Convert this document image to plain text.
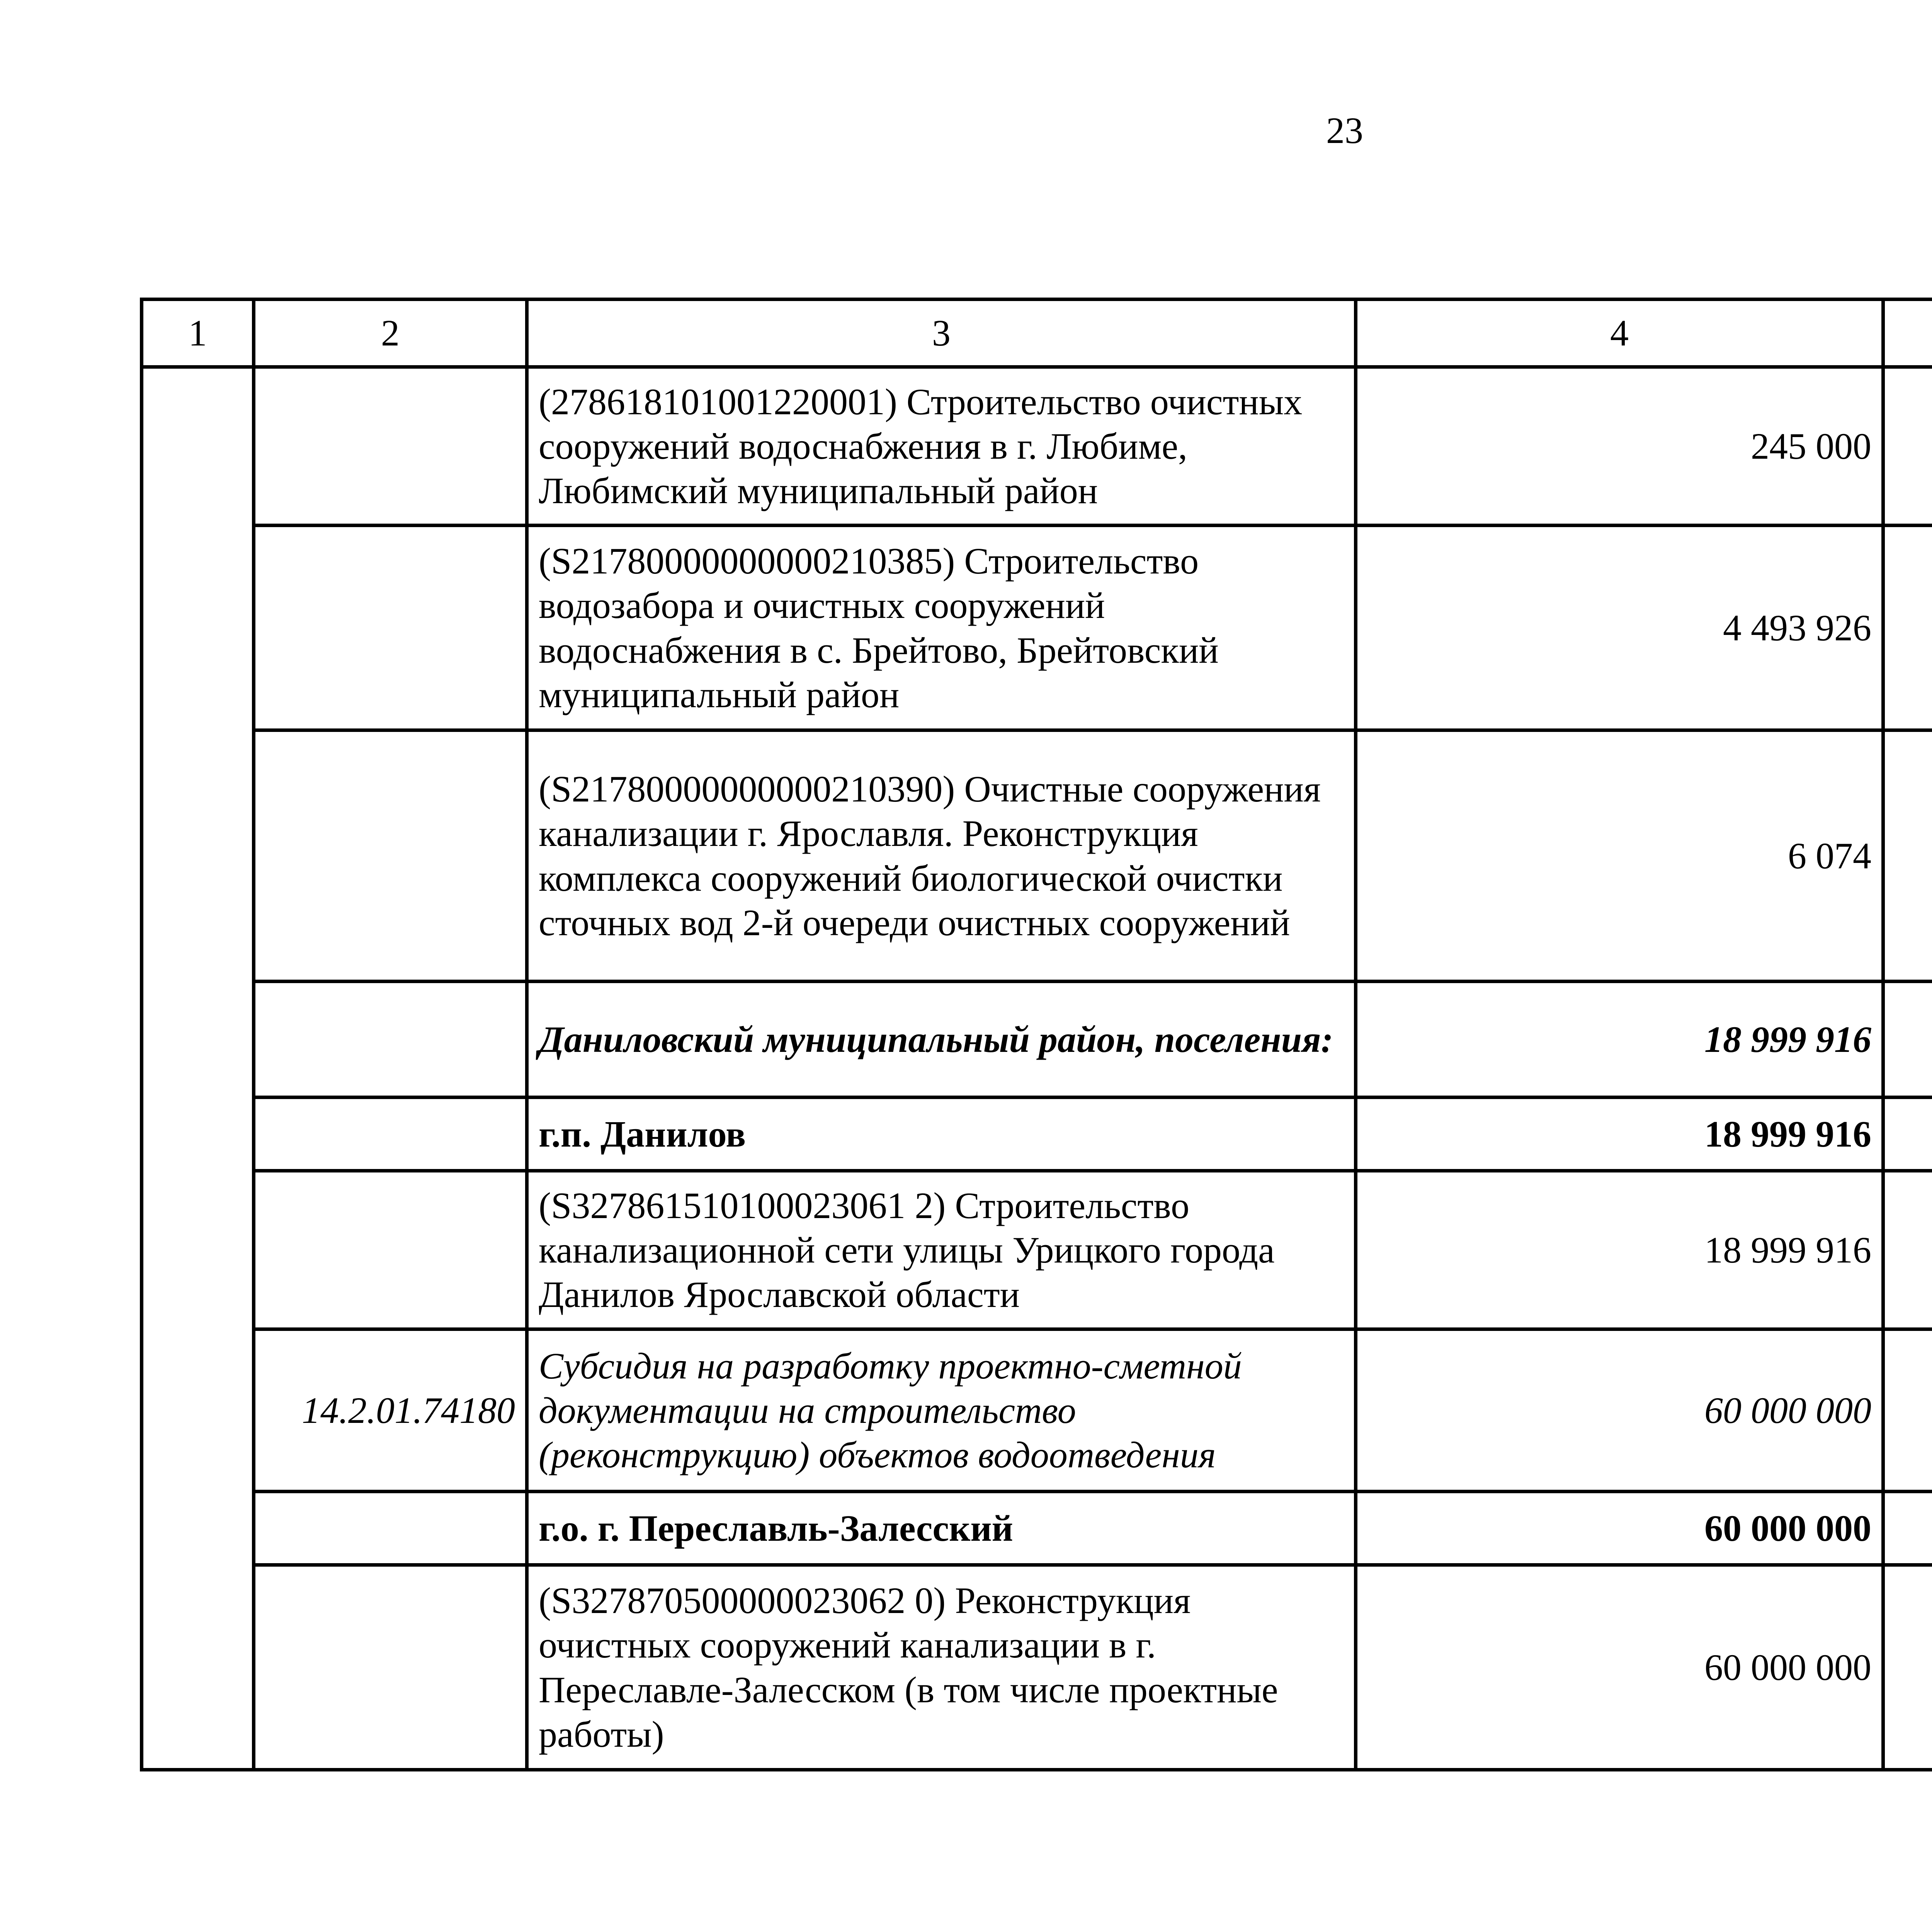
23
1	2	3	4			
		(278618101001220001) Строительство очистных сооружений водоснабжения в г. Любиме, Любимский муниципальный район	245 000			
		(S21780000000000210385) Строительство водозабора и очистных сооружений водоснабжения в с. Брейтово, Брейтовский муниципальный район	4 493 926			
		(S21780000000000210390) Очистные сооружения канализации г. Ярославля. Реконструкция комплекса сооружений биологической очистки сточных вод 2-й очереди очистных сооружений	6 074			
		Даниловский муниципальный район, поселения:	18 999 916			
		г.п. Данилов	18 999 916			
		(S327861510100023061 2) Строительство канализационной сети улицы Урицкого города Данилов Ярославской области	18 999 916			
	14.2.01.74180	Субсидия на разработку проектно-сметной документации на строительство (реконструкцию) объектов водоотведения	60 000 000			
		г.о. г. Переславль-Залесский	60 000 000			
		(S327870500000023062 0) Реконструкция очистных сооружений канализации в г. Переславле-Залесском (в том числе проектные работы)	60 000 000			
